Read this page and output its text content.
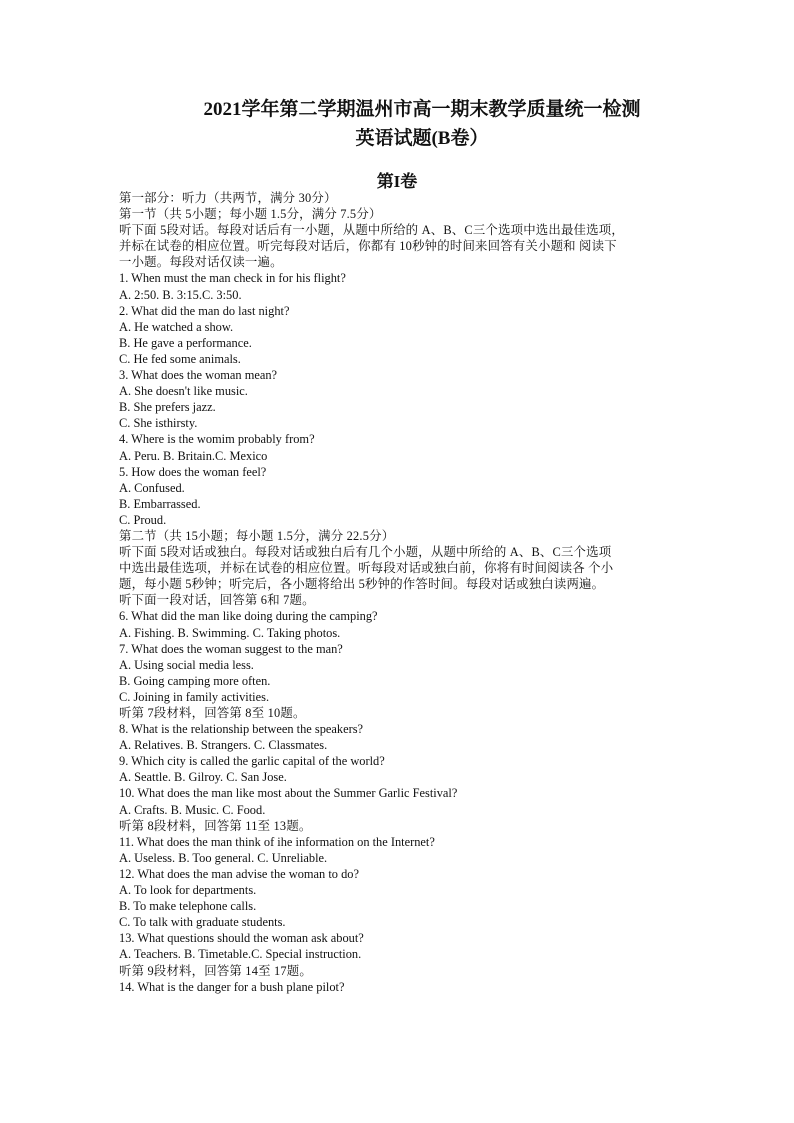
2021学年第二学期温州市高一期末教学质量统一检测
英语试题(B卷）
第I卷
第一部分：听力（共两节，满分 30分）
第一节（共 5小题；每小题 1.5分，满分 7.5分）
听下面 5段对话。每段对话后有一小题，从题中所给的 A、B、C三个选项中选出最佳选项，
并标在试卷的相应位置。听完每段对话后，你都有 10秒钟的时间来回答有关小题和 阅读下
一小题。每段对话仅读一遍。
1. When must the man check in for his flight?
A. 2:50. B. 3:15.C. 3:50.
2. What did the man do last night?
A. He watched a show.
B. He gave a performance.
C. He fed some animals.
3. What does the woman mean?
A. She doesn't like music.
B. She prefers jazz.
C. She isthirsty.
4. Where is the womim probably from?
A. Peru. B. Britain.C. Mexico
5. How does the woman feel?
A. Confused.
B. Embarrassed.
C. Proud.
第二节（共 15小题；每小题 1.5分，满分 22.5分）
听下面 5段对话或独白。每段对话或独白后有几个小题，从题中所给的 A、B、C三个选项
中选出最佳选项，并标在试卷的相应位置。听每段对话或独白前，你将有时间阅读各 个小
题，每小题 5秒钟；听完后，各小题将给出 5秒钟的作答时间。每段对话或独白读两遍。
听下面一段对话，回答第 6和 7题。
6. What did the man like doing during the camping?
A. Fishing. B. Swimming. C. Taking photos.
7. What does the woman suggest to the man?
A. Using social media less.
B. Going camping more often.
C. Joining in family activities.
听第 7段材料，回答第 8至 10题。
8. What is the relationship between the speakers?
A. Relatives. B. Strangers. C. Classmates.
9. Which city is called the garlic capital of the world?
A. Seattle. B. Gilroy. C. San Jose.
10. What does the man like most about the Summer Garlic Festival?
A. Crafts. B. Music. C. Food.
听第 8段材料，回答第 11至 13题。
11. What does the man think of ihe information on the Internet?
A. Useless. B. Too general. C. Unreliable.
12. What does the man advise the woman to do?
A. To look for departments.
B. To make telephone calls.
C. To talk with graduate students.
13. What questions should the woman ask about?
A. Teachers. B. Timetable.C. Special instruction.
听第 9段材料，回答第 14至 17题。
14. What is the danger for a bush plane pilot?
